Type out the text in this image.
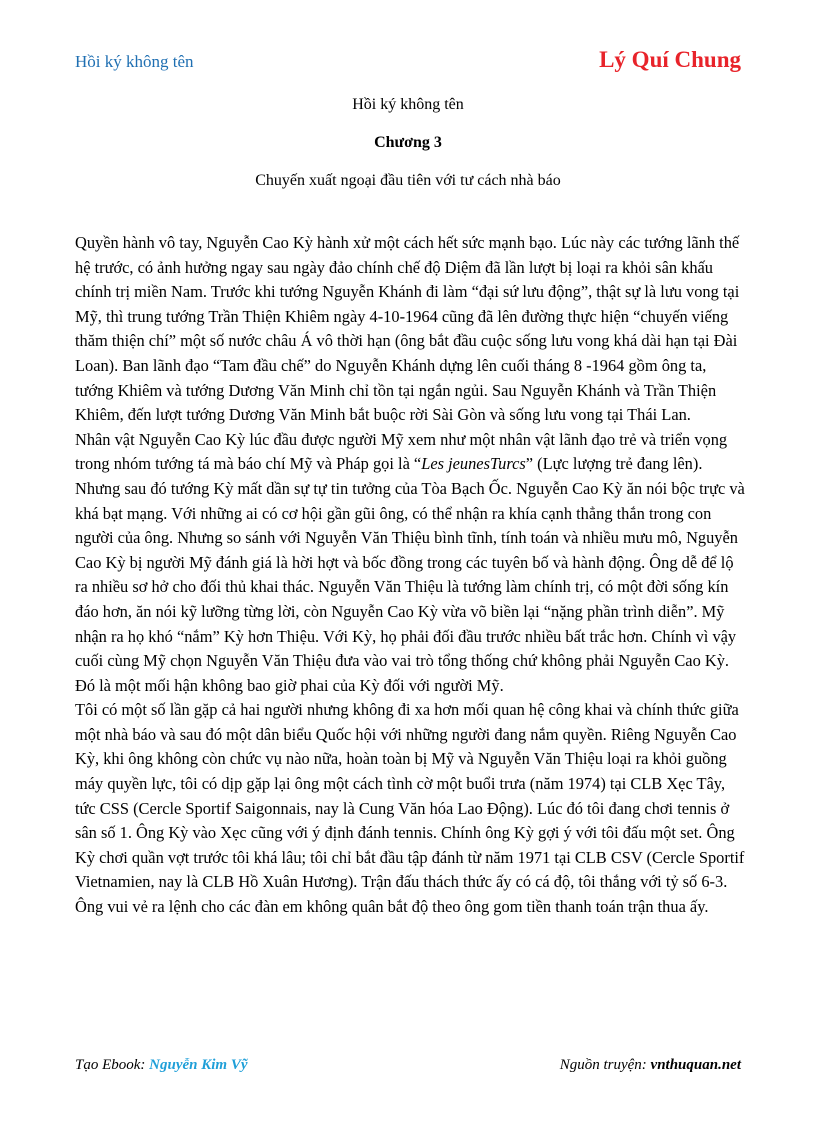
Hồi ký không tên	Lý Quí Chung
Hồi ký không tên
Chương 3
Chuyến xuất ngoại đầu tiên với tư cách nhà báo

Quyền hành vô tay, Nguyễn Cao Kỳ hành xử một cách hết sức mạnh bạo. Lúc này các tướng lãnh thế hệ trước, có ảnh hưởng ngay sau ngày đảo chính chế độ Diệm đã lần lượt bị loại ra khỏi sân khấu chính trị miền Nam. Trước khi tướng Nguyễn Khánh đi làm “đại sứ lưu động”, thật sự là lưu vong tại Mỹ, thì trung tướng Trần Thiện Khiêm ngày 4-10-1964 cũng đã lên đường thực hiện “chuyến viếng thăm thiện chí” một số nước châu Á vô thời hạn (ông bắt đầu cuộc sống lưu vong khá dài hạn tại Đài Loan). Ban lãnh đạo “Tam đầu chế” do Nguyễn Khánh dựng lên cuối tháng 8 -1964 gồm ông ta, tướng Khiêm và tướng Dương Văn Minh chỉ tồn tại ngắn ngủi. Sau Nguyễn Khánh và Trần Thiện Khiêm, đến lượt tướng Dương Văn Minh bắt buộc rời Sài Gòn và sống lưu vong tại Thái Lan.

Nhân vật Nguyễn Cao Kỳ lúc đầu được người Mỹ xem như một nhân vật lãnh đạo trẻ và triển vọng trong nhóm tướng tá mà báo chí Mỹ và Pháp gọi là “Les jeunesTurcs” (Lực lượng trẻ đang lên). Nhưng sau đó tướng Kỳ mất dần sự tự tin tưởng của Tòa Bạch Ốc. Nguyễn Cao Kỳ ăn nói bộc trực và khá bạt mạng. Với những ai có cơ hội gần gũi ông, có thể nhận ra khía cạnh thẳng thắn trong con người của ông. Nhưng so sánh với Nguyễn Văn Thiệu bình tĩnh, tính toán và nhiều mưu mô, Nguyễn Cao Kỳ bị người Mỹ đánh giá là hời hợt và bốc đồng trong các tuyên bố và hành động. Ông dễ để lộ ra nhiều sơ hở cho đối thủ khai thác. Nguyễn Văn Thiệu là tướng làm chính trị, có một đời sống kín đáo hơn, ăn nói kỹ lưỡng từng lời, còn Nguyễn Cao Kỳ vừa võ biền lại “nặng phần trình diễn”. Mỹ nhận ra họ khó “nắm” Kỳ hơn Thiệu. Với Kỳ, họ phải đối đầu trước nhiều bất trắc hơn. Chính vì vậy cuối cùng Mỹ chọn Nguyễn Văn Thiệu đưa vào vai trò tổng thống chứ không phải Nguyễn Cao Kỳ. Đó là một mối hận không bao giờ phai của Kỳ đối với người Mỹ.

Tôi có một số lần gặp cả hai người nhưng không đi xa hơn mối quan hệ công khai và chính thức giữa một nhà báo và sau đó một dân biểu Quốc hội với những người đang nắm quyền. Riêng Nguyễn Cao Kỳ, khi ông không còn chức vụ nào nữa, hoàn toàn bị Mỹ và Nguyễn Văn Thiệu loại ra khỏi guồng máy quyền lực, tôi có dịp gặp lại ông một cách tình cờ một buổi trưa (năm 1974) tại CLB Xẹc Tây, tức CSS (Cercle Sportif Saigonnais, nay là Cung Văn hóa Lao Động). Lúc đó tôi đang chơi tennis ở sân số 1. Ông Kỳ vào Xẹc cũng với ý định đánh tennis. Chính ông Kỳ gợi ý với tôi đấu một set. Ông Kỳ chơi quần vợt trước tôi khá lâu; tôi chỉ bắt đầu tập đánh từ năm 1971 tại CLB CSV (Cercle Sportif Vietnamien, nay là CLB Hồ Xuân Hương). Trận đấu thách thức ấy có cá độ, tôi thắng với tỷ số 6-3. Ông vui vẻ ra lệnh cho các đàn em không quân bắt độ theo ông gom tiền thanh toán trận thua ấy.

Tạo Ebook: Nguyễn Kim Vỹ	Nguồn truyện: vnthuquan.net
